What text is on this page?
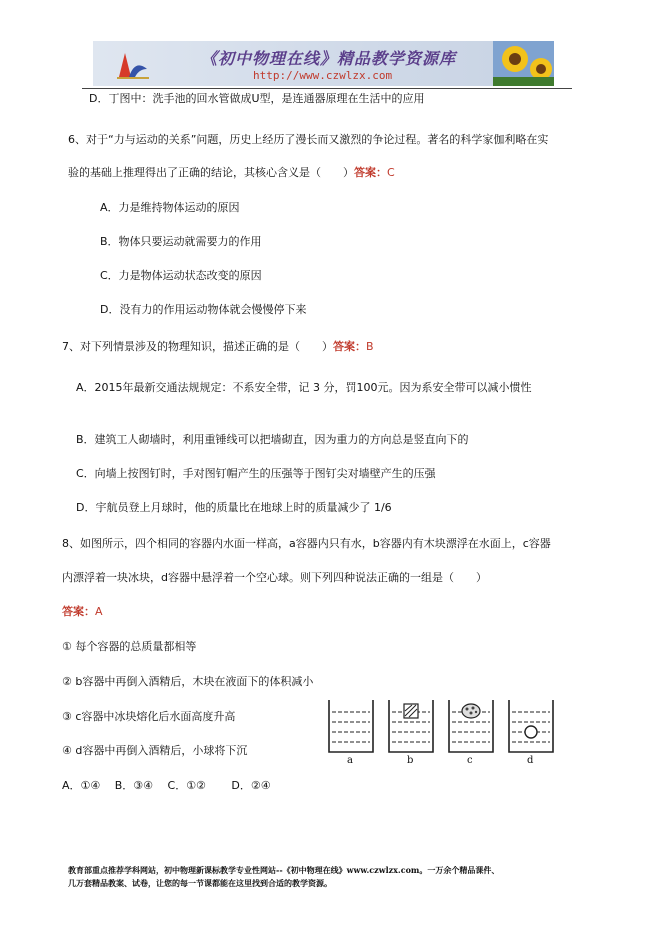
《初中物理在线》精品教学资源库
http://www.czwlzx.com
D．丁图中：洗手池的回水管做成U型，是连通器原理在生活中的应用
6、对于“力与运动的关系”问题，历史上经历了漫长而又激烈的争论过程。著名的科学家伽利略在实
验的基础上推理得出了正确的结论，其核心含义是（　　）答案：C
A．力是维持物体运动的原因
B．物体只要运动就需要力的作用
C．力是物体运动状态改变的原因
D．没有力的作用运动物体就会慢慢停下来
7、对下列情景涉及的物理知识，描述正确的是（　　）答案：B
A．2015年最新交通法规规定：不系安全带，记 3 分，罚100元。因为系安全带可以减小惯性
B．建筑工人砌墙时，利用重锤线可以把墙砌直，因为重力的方向总是竖直向下的
C．向墙上按图钉时，手对图钉帽产生的压强等于图钉尖对墙壁产生的压强
D．宇航员登上月球时，他的质量比在地球上时的质量减少了 1/6
8、如图所示，四个相同的容器内水面一样高，a容器内只有水，b容器内有木块漂浮在水面上，c容器
内漂浮着一块冰块，d容器中悬浮着一个空心球。则下列四种说法正确的一组是（　　）
答案：A
① 每个容器的总质量都相等
② b容器中再倒入酒精后，木块在液面下的体积减小
③ c容器中冰块熔化后水面高度升高
④ d容器中再倒入酒精后，小球将下沉
A．①④　 B．③④　 C．①②　　 D．②④
a	b	c	d
教育部重点推荐学科网站，初中物理新课标教学专业性网站--《初中物理在线》www.czwlzx.com。一万余个精品课件、
几万套精品教案、试卷，让您的每一节课都能在这里找到合适的教学资源。
